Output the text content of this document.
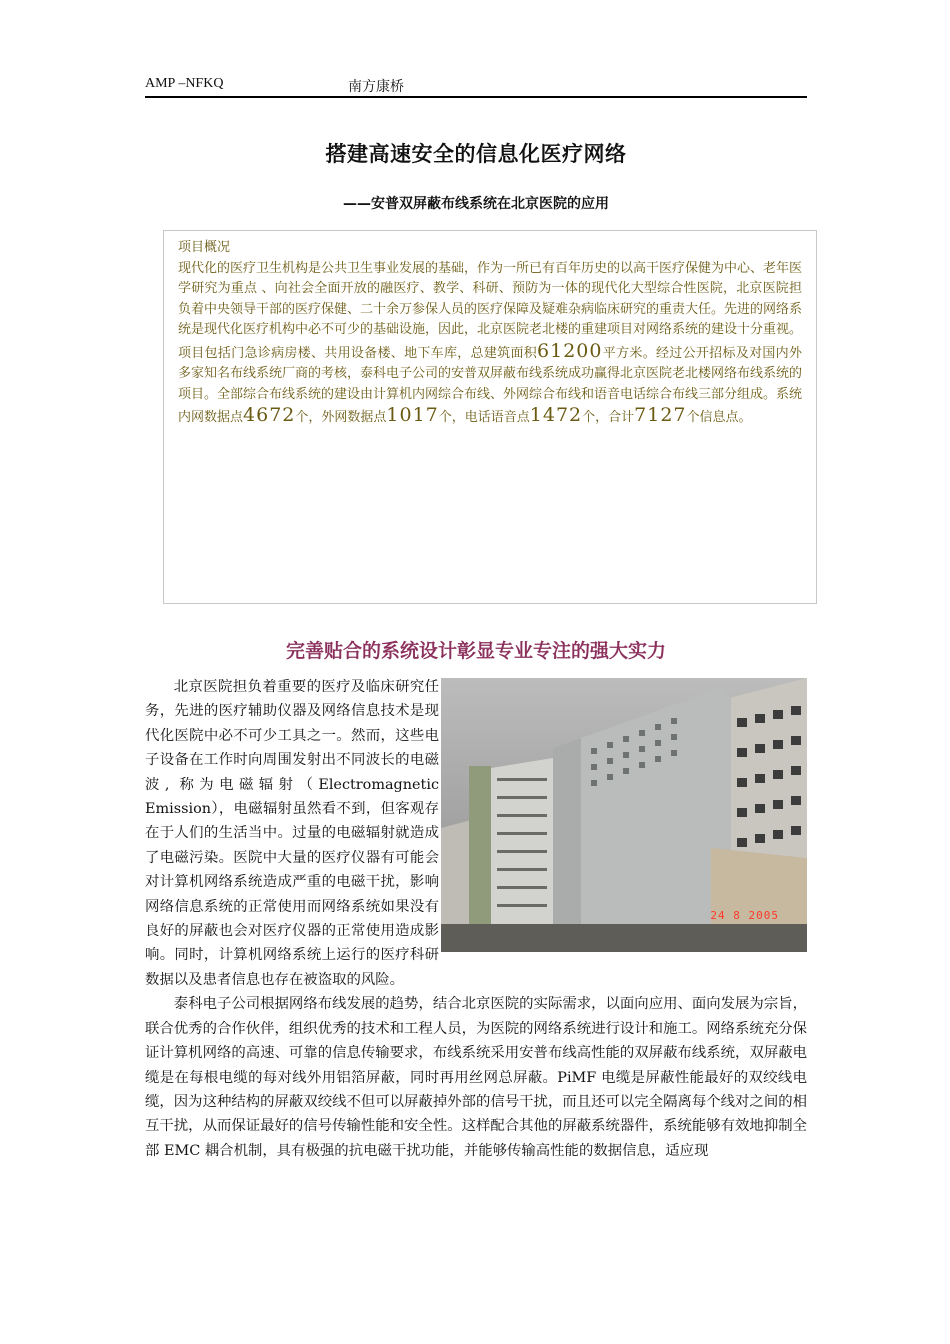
AMP –NFKQ	南方康桥
搭建高速安全的信息化医疗网络
——安普双屏蔽布线系统在北京医院的应用
项目概况
现代化的医疗卫生机构是公共卫生事业发展的基础，作为一所已有百年历史的以高干医疗保健为中心、老年医学研究为重点 、向社会全面开放的融医疗、教学、科研、预防为一体的现代化大型综合性医院，北京医院担负着中央领导干部的医疗保健、二十余万参保人员的医疗保障及疑难杂病临床研究的重责大任。先进的网络系统是现代化医疗机构中必不可少的基础设施，因此，北京医院老北楼的重建项目对网络系统的建设十分重视。项目包括门急诊病房楼、共用设备楼、地下车库，总建筑面积61200平方米。经过公开招标及对国内外多家知名布线系统厂商的考核，泰科电子公司的安普双屏蔽布线系统成功赢得北京医院老北楼网络布线系统的项目。全部综合布线系统的建设由计算机内网综合布线、外网综合布线和语音电话综合布线三部分组成。系统内网数据点4672个，外网数据点1017个，电话语音点1472个，合计7127个信息点。
完善贴合的系统设计彰显专业专注的强大实力
24 8 2005

北京医院担负着重要的医疗及临床研究任务，先进的医疗辅助仪器及网络信息技术是现代化医院中必不可少工具之一。然而，这些电子设备在工作时向周围发射出不同波长的电磁波, 称为电磁辐射（Electromagnetic Emission），电磁辐射虽然看不到，但客观存在于人们的生活当中。过量的电磁辐射就造成了电磁污染。医院中大量的医疗仪器有可能会对计算机网络系统造成严重的电磁干扰，影响网络信息系统的正常使用而网络系统如果没有良好的屏蔽也会对医疗仪器的正常使用造成影响。同时，计算机网络系统上运行的医疗科研数据以及患者信息也存在被盗取的风险。

泰科电子公司根据网络布线发展的趋势，结合北京医院的实际需求，以面向应用、面向发展为宗旨，联合优秀的合作伙伴，组织优秀的技术和工程人员，为医院的网络系统进行设计和施工。网络系统充分保证计算机网络的高速、可靠的信息传输要求，布线系统采用安普布线高性能的双屏蔽布线系统，双屏蔽电缆是在每根电缆的每对线外用铝箔屏蔽，同时再用丝网总屏蔽。PiMF 电缆是屏蔽性能最好的双绞线电缆，因为这种结构的屏蔽双绞线不但可以屏蔽掉外部的信号干扰，而且还可以完全隔离每个线对之间的相互干扰，从而保证最好的信号传输性能和安全性。这样配合其他的屏蔽系统器件，系统能够有效地抑制全部 EMC 耦合机制，具有极强的抗电磁干扰功能，并能够传输高性能的数据信息，适应现
